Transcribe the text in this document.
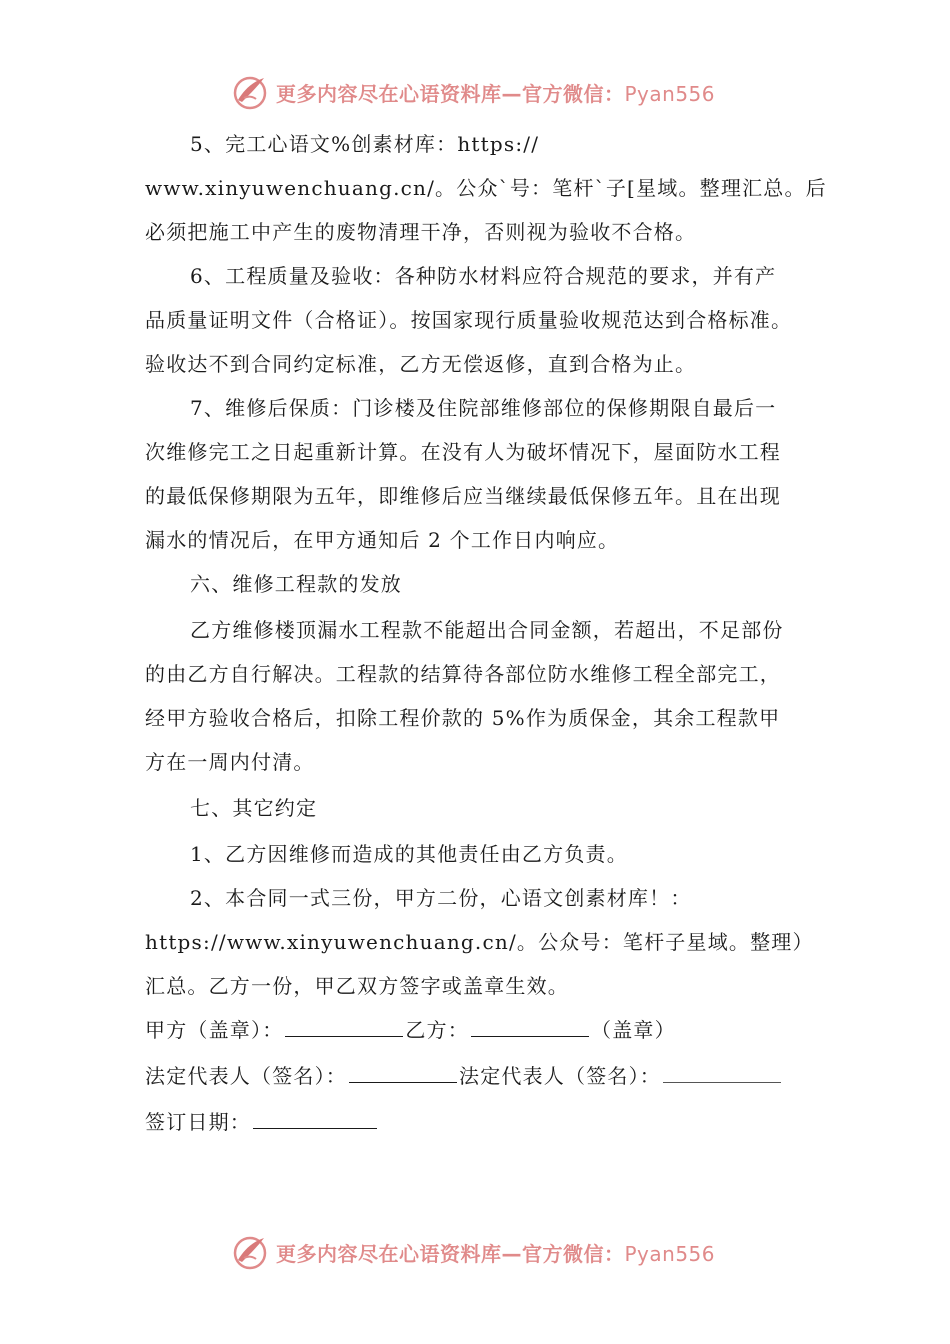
更多内容尽在心语资料库—官方微信：Pyan556
5、完工心语文%创素材库：https://
www.xinyuwenchuang.cn/。公众`号：笔杆`子[星域。整理汇总。后
必须把施工中产生的废物清理干净，否则视为验收不合格。
6、工程质量及验收：各种防水材料应符合规范的要求，并有产
品质量证明文件（合格证）。按国家现行质量验收规范达到合格标准。
验收达不到合同约定标准，乙方无偿返修，直到合格为止。
7、维修后保质：门诊楼及住院部维修部位的保修期限自最后一
次维修完工之日起重新计算。在没有人为破坏情况下，屋面防水工程
的最低保修期限为五年，即维修后应当继续最低保修五年。且在出现
漏水的情况后，在甲方通知后 2 个工作日内响应。
六、维修工程款的发放
乙方维修楼顶漏水工程款不能超出合同金额，若超出，不足部份
的由乙方自行解决。工程款的结算待各部位防水维修工程全部完工，
经甲方验收合格后，扣除工程价款的 5%作为质保金，其余工程款甲
方在一周内付清。
七、其它约定
1、乙方因维修而造成的其他责任由乙方负责。
2、本合同一式三份，甲方二份，心语文创素材库！：
https://www.xinyuwenchuang.cn/。公众号：笔杆子星域。整理）
汇总。乙方一份，甲乙双方签字或盖章生效。
甲方（盖章）：	乙方：	（盖章）
法定代表人（签名）：	法定代表人（签名）：
签订日期：
更多内容尽在心语资料库—官方微信：Pyan556
